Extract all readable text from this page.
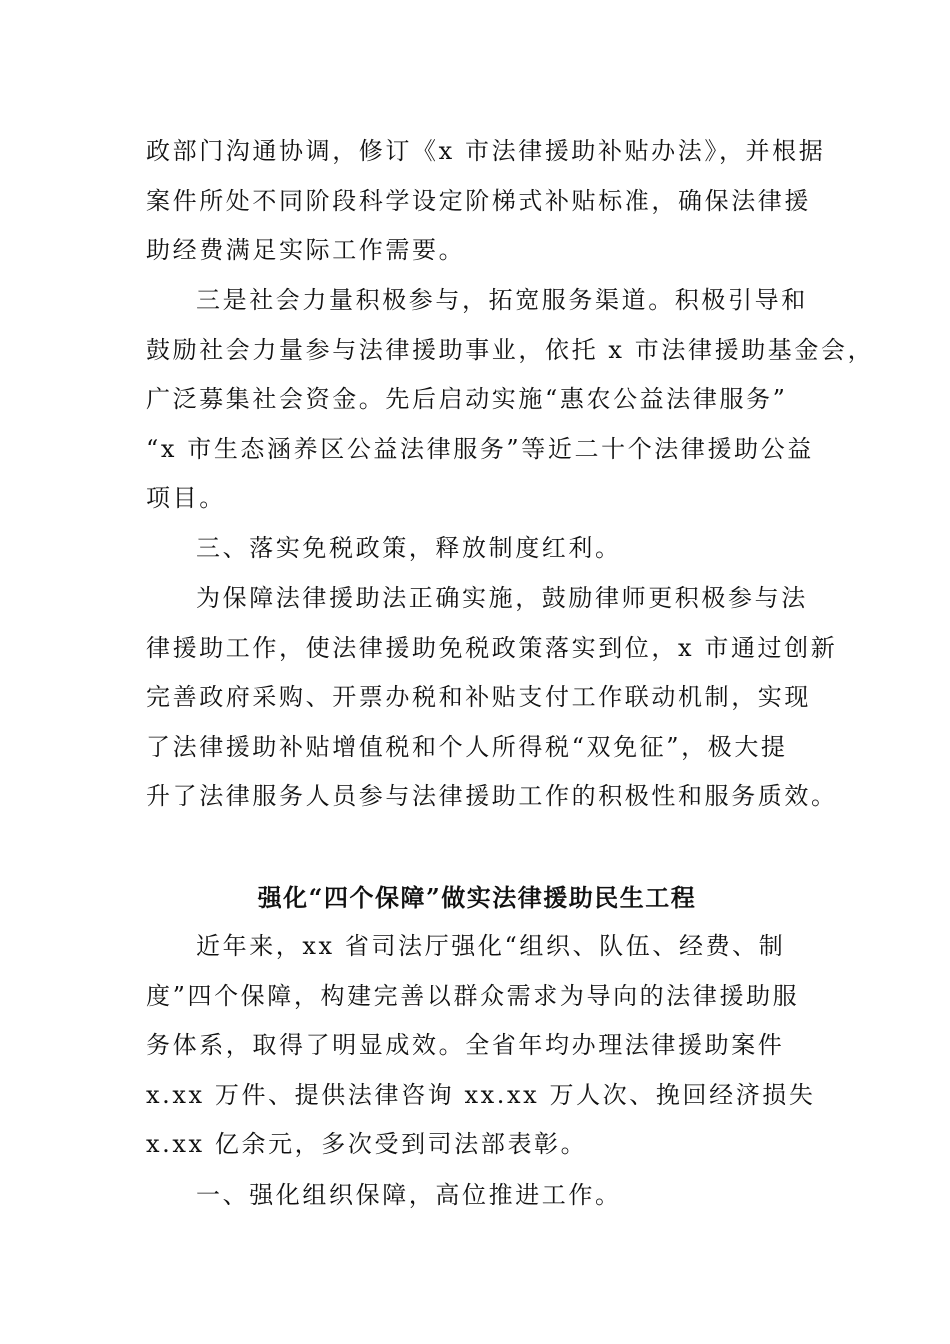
政部门沟通协调，修订《x 市法律援助补贴办法》，并根据
案件所处不同阶段科学设定阶梯式补贴标准，确保法律援
助经费满足实际工作需要。
三是社会力量积极参与，拓宽服务渠道。积极引导和
鼓励社会力量参与法律援助事业，依托 x 市法律援助基金会，
广泛募集社会资金。先后启动实施“惠农公益法律服务”
“x 市生态涵养区公益法律服务”等近二十个法律援助公益
项目。
三、落实免税政策，释放制度红利。
为保障法律援助法正确实施，鼓励律师更积极参与法
律援助工作，使法律援助免税政策落实到位，x 市通过创新
完善政府采购、开票办税和补贴支付工作联动机制，实现
了法律援助补贴增值税和个人所得税“双免征”，极大提
升了法律服务人员参与法律援助工作的积极性和服务质效。
强化“四个保障”做实法律援助民生工程
近年来，xx 省司法厅强化“组织、队伍、经费、制
度”四个保障，构建完善以群众需求为导向的法律援助服
务体系，取得了明显成效。全省年均办理法律援助案件
x.xx 万件、提供法律咨询 xx.xx 万人次、挽回经济损失
x.xx 亿余元，多次受到司法部表彰。
一、强化组织保障，高位推进工作。
